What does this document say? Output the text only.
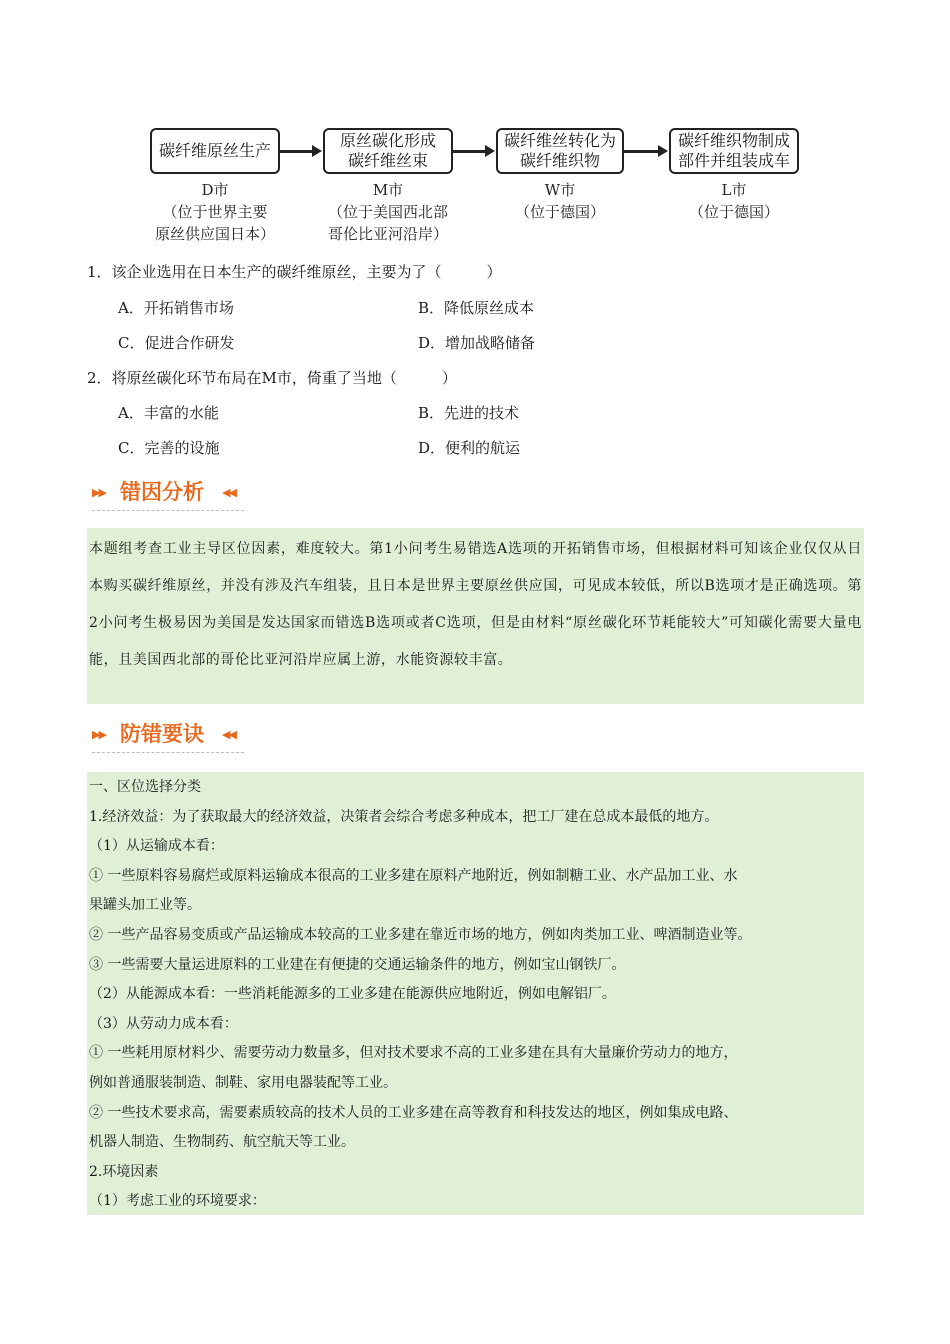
碳纤维原丝生产
原丝碳化形成
碳纤维丝束
碳纤维丝转化为
碳纤维织物
碳纤维织物制成
部件并组装成车
D市
（位于世界主要
原丝供应国日本）
M市
（位于美国西北部
哥伦比亚河沿岸）
W市
（位于德国）
L市
（位于德国）
1．该企业选用在日本生产的碳纤维原丝，主要为了（　　　）
A．开拓销售市场	B．降低原丝成本
C．促进合作研发	D．增加战略储备
2．将原丝碳化环节布局在M市，倚重了当地（　　　）
A．丰富的水能	B．先进的技术
C．完善的设施	D．便利的航运
▶▶ 错因分析 ◀◀
本题组考查工业主导区位因素，难度较大。第1小问考生易错选A选项的开拓销售市场，但根据材料可知该企业仅仅从日本购买碳纤维原丝，并没有涉及汽车组装，且日本是世界主要原丝供应国，可见成本较低，所以B选项才是正确选项。第2小问考生极易因为美国是发达国家而错选B选项或者C选项，但是由材料“原丝碳化环节耗能较大”可知碳化需要大量电能，且美国西北部的哥伦比亚河沿岸应属上游，水能资源较丰富。
▶▶ 防错要诀 ◀◀
一、区位选择分类
1.经济效益：为了获取最大的经济效益，决策者会综合考虑多种成本，把工厂建在总成本最低的地方。
（1）从运输成本看：
① 一些原料容易腐烂或原料运输成本很高的工业多建在原料产地附近，例如制糖工业、水产品加工业、水
果罐头加工业等。
② 一些产品容易变质或产品运输成本较高的工业多建在靠近市场的地方，例如肉类加工业、啤酒制造业等。
③ 一些需要大量运进原料的工业建在有便捷的交通运输条件的地方，例如宝山钢铁厂。
（2）从能源成本看：一些消耗能源多的工业多建在能源供应地附近，例如电解铝厂。
（3）从劳动力成本看：
① 一些耗用原材料少、需要劳动力数量多，但对技术要求不高的工业多建在具有大量廉价劳动力的地方，
例如普通服装制造、制鞋、家用电器装配等工业。
② 一些技术要求高，需要素质较高的技术人员的工业多建在高等教育和科技发达的地区，例如集成电路、
机器人制造、生物制药、航空航天等工业。
2.环境因素
（1）考虑工业的环境要求：
